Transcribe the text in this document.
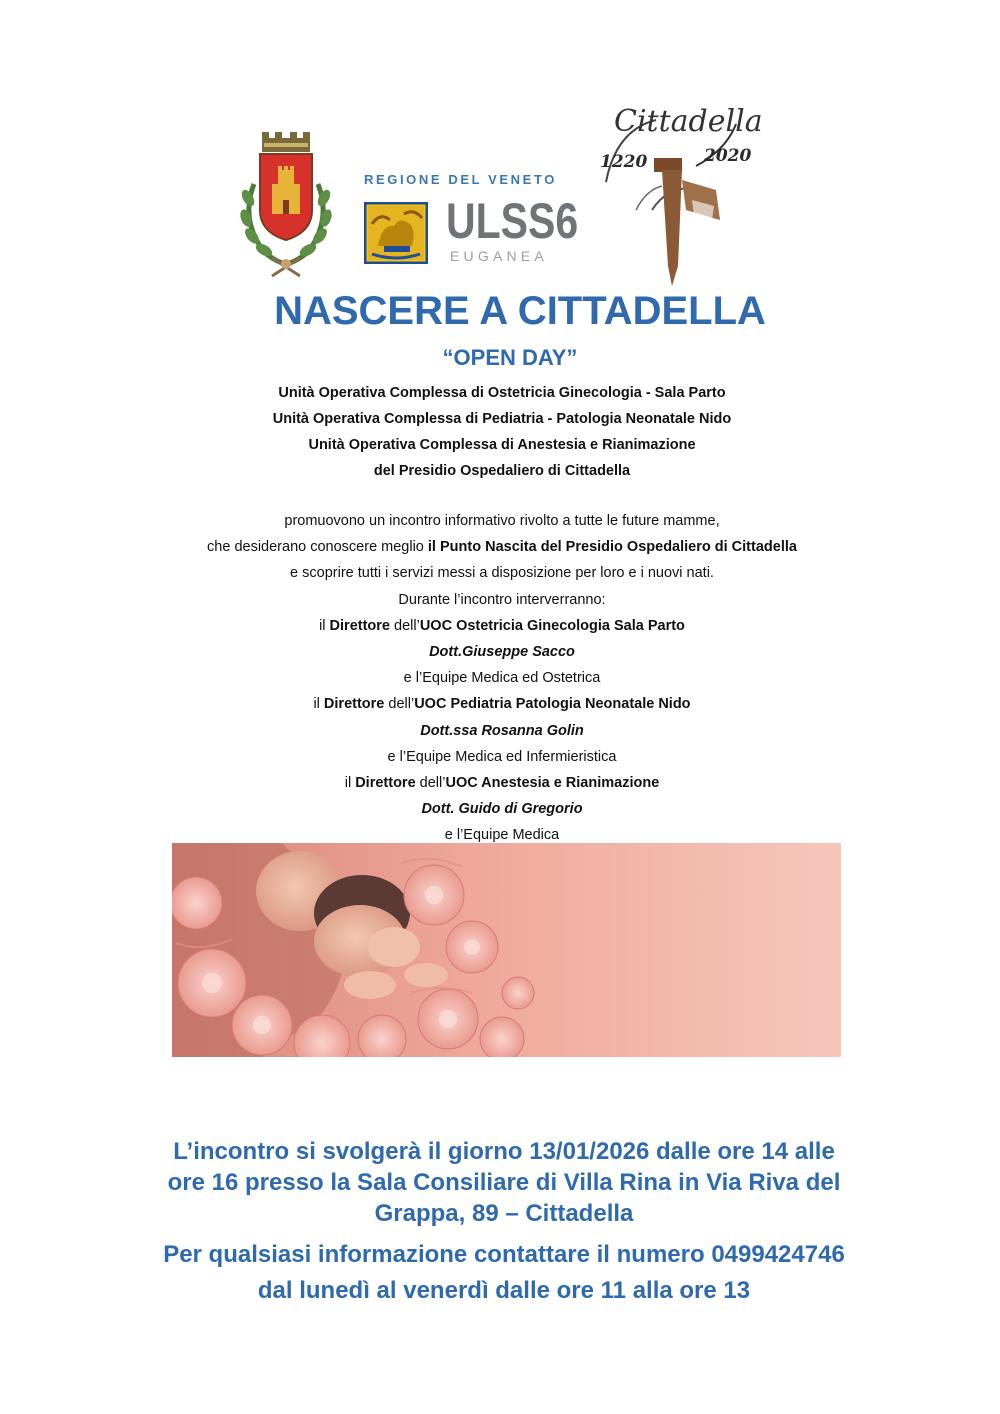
REGIONE DEL VENETO
ULSS6
EUGANEA
Cittadella
1220	2020
NASCERE A CITTADELLA
“OPEN DAY”
Unità Operativa Complessa di Ostetricia Ginecologia - Sala Parto
Unità Operativa Complessa di Pediatria - Patologia Neonatale Nido
Unità Operativa Complessa di Anestesia e Rianimazione
del Presidio Ospedaliero di Cittadella
promuovono un incontro informativo rivolto a tutte le future mamme,
che desiderano conoscere meglio il Punto Nascita del Presidio Ospedaliero di Cittadella
e scoprire tutti i servizi messi a disposizione per loro e i nuovi nati.
Durante l’incontro interverranno:
il Direttore dell’UOC Ostetricia Ginecologia Sala Parto
Dott.Giuseppe Sacco
e l’Equipe Medica ed Ostetrica
il Direttore dell’UOC Pediatria Patologia Neonatale Nido
Dott.ssa Rosanna Golin
e l’Equipe Medica ed Infermieristica
il Direttore dell’UOC Anestesia e Rianimazione
Dott. Guido di Gregorio
e l’Equipe Medica
L’incontro si svolgerà il giorno 13/01/2026 dalle ore 14 alle
ore 16 presso la Sala Consiliare di Villa Rina in Via Riva del
Grappa, 89 – Cittadella
Per qualsiasi informazione contattare il numero 0499424746
dal lunedì al venerdì dalle ore 11 alla ore 13
